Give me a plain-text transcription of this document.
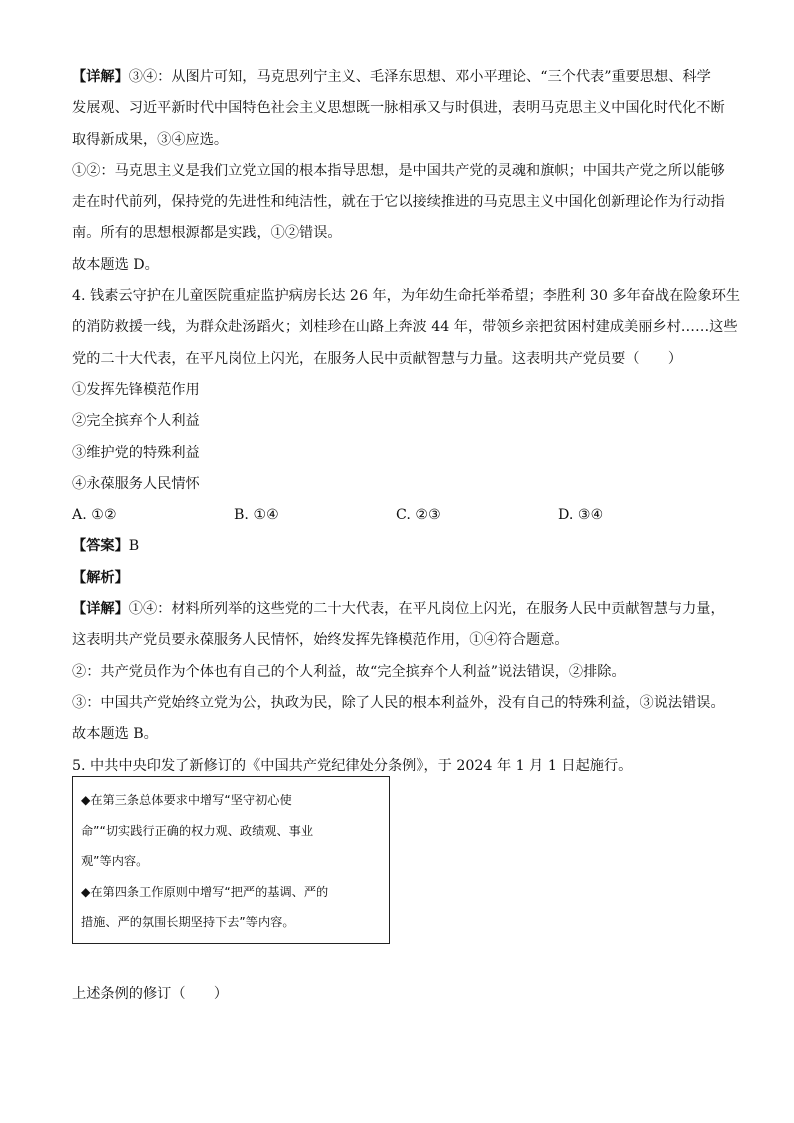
【详解】③④：从图片可知，马克思列宁主义、毛泽东思想、邓小平理论、“三个代表”重要思想、科学

发展观、习近平新时代中国特色社会主义思想既一脉相承又与时俱进，表明马克思主义中国化时代化不断

取得新成果，③④应选。

①②：马克思主义是我们立党立国的根本指导思想，是中国共产党的灵魂和旗帜；中国共产党之所以能够

走在时代前列，保持党的先进性和纯洁性，就在于它以接续推进的马克思主义中国化创新理论作为行动指

南。所有的思想根源都是实践，①②错误。

故本题选 D。

4. 钱素云守护在儿童医院重症监护病房长达 26 年，为年幼生命托举希望；李胜利 30 多年奋战在险象环生

的消防救援一线，为群众赴汤蹈火；刘桂珍在山路上奔波 44 年，带领乡亲把贫困村建成美丽乡村……这些

党的二十大代表，在平凡岗位上闪光，在服务人民中贡献智慧与力量。这表明共产党员要（　　）

①发挥先锋模范作用

②完全摈弃个人利益

③维护党的特殊利益

④永葆服务人民情怀

A. ①②	B. ①④	C. ②③	D. ③④

【答案】B

【解析】

【详解】①④：材料所列举的这些党的二十大代表，在平凡岗位上闪光，在服务人民中贡献智慧与力量，

这表明共产党员要永葆服务人民情怀，始终发挥先锋模范作用，①④符合题意。

②：共产党员作为个体也有自己的个人利益，故“完全摈弃个人利益”说法错误，②排除。

③：中国共产党始终立党为公，执政为民，除了人民的根本利益外，没有自己的特殊利益，③说法错误。

故本题选 B。

5. 中共中央印发了新修订的《中国共产党纪律处分条例》，于 2024 年 1 月 1 日起施行。

◆在第三条总体要求中增写“坚守初心使
命”“切实践行正确的权力观、政绩观、事业
观”等内容。
◆在第四条工作原则中增写“把严的基调、严的
措施、严的氛围长期坚持下去”等内容。

上述条例的修订（　　）
